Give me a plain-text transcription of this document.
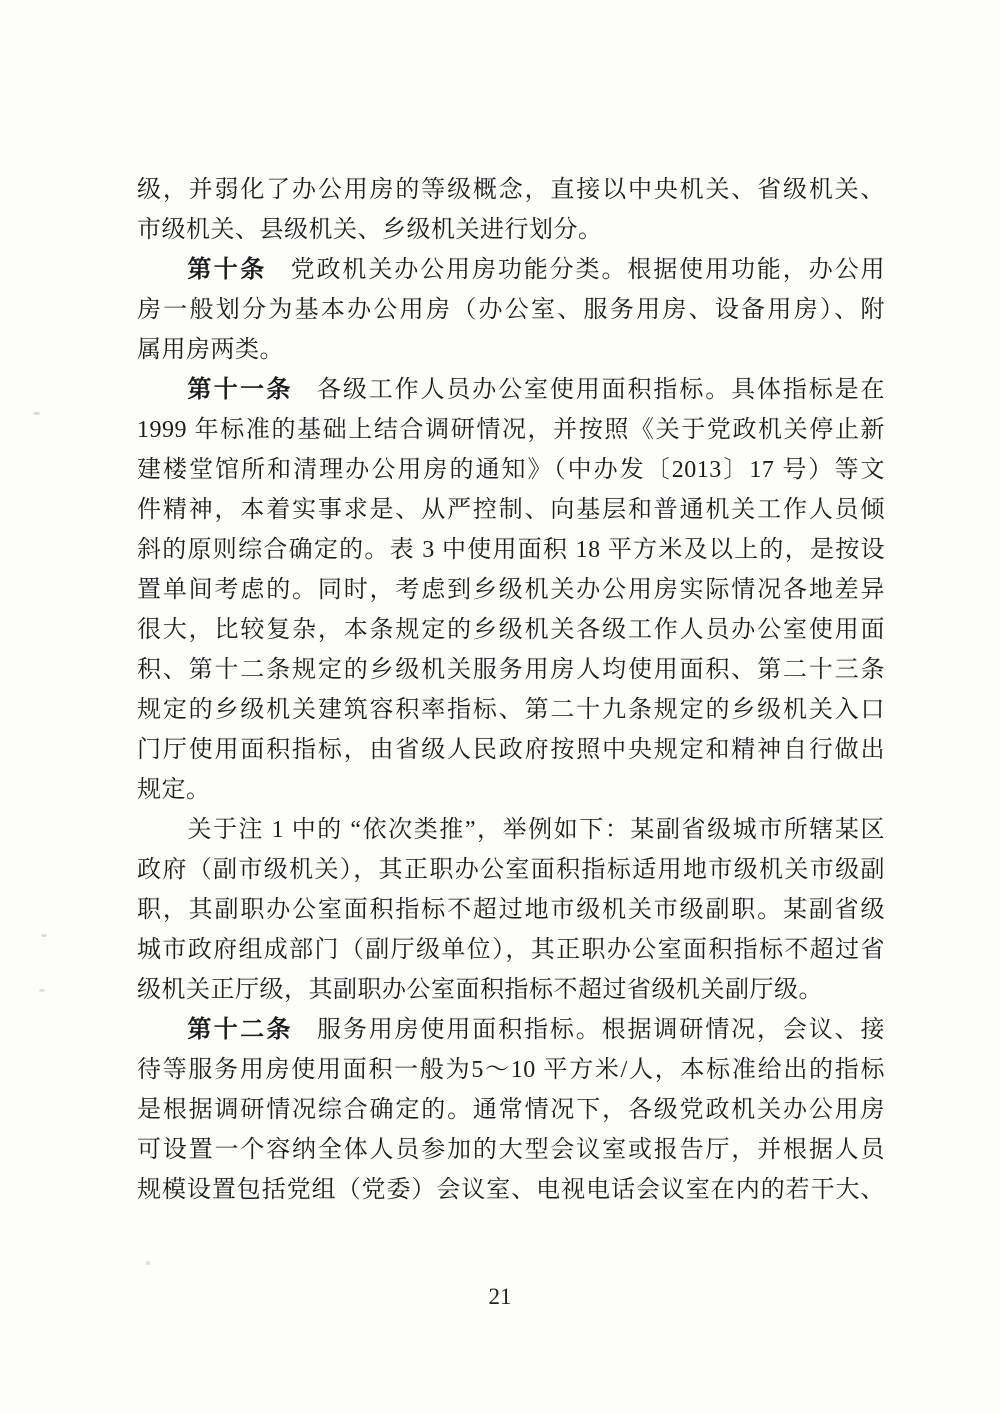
级，并弱化了办公用房的等级概念，直接以中央机关、省级机关、
市级机关、县级机关、乡级机关进行划分。
第十条 党政机关办公用房功能分类。根据使用功能，办公用
房一般划分为基本办公用房（办公室、服务用房、设备用房）、附
属用房两类。
第十一条 各级工作人员办公室使用面积指标。具体指标是在
1999 年标准的基础上结合调研情况，并按照《关于党政机关停止新
建楼堂馆所和清理办公用房的通知》（中办发〔2013〕17 号）等文
件精神，本着实事求是、从严控制、向基层和普通机关工作人员倾
斜的原则综合确定的。表 3 中使用面积 18 平方米及以上的，是按设
置单间考虑的。同时，考虑到乡级机关办公用房实际情况各地差异
很大，比较复杂，本条规定的乡级机关各级工作人员办公室使用面
积、第十二条规定的乡级机关服务用房人均使用面积、第二十三条
规定的乡级机关建筑容积率指标、第二十九条规定的乡级机关入口
门厅使用面积指标，由省级人民政府按照中央规定和精神自行做出
规定。
关于注 1 中的 “依次类推”，举例如下：某副省级城市所辖某区
政府（副市级机关），其正职办公室面积指标适用地市级机关市级副
职，其副职办公室面积指标不超过地市级机关市级副职。某副省级
城市政府组成部门（副厅级单位），其正职办公室面积指标不超过省
级机关正厅级，其副职办公室面积指标不超过省级机关副厅级。
第十二条 服务用房使用面积指标。根据调研情况，会议、接
待等服务用房使用面积一般为5～10 平方米/人，本标准给出的指标
是根据调研情况综合确定的。通常情况下，各级党政机关办公用房
可设置一个容纳全体人员参加的大型会议室或报告厅，并根据人员
规模设置包括党组（党委）会议室、电视电话会议室在内的若干大、
21
